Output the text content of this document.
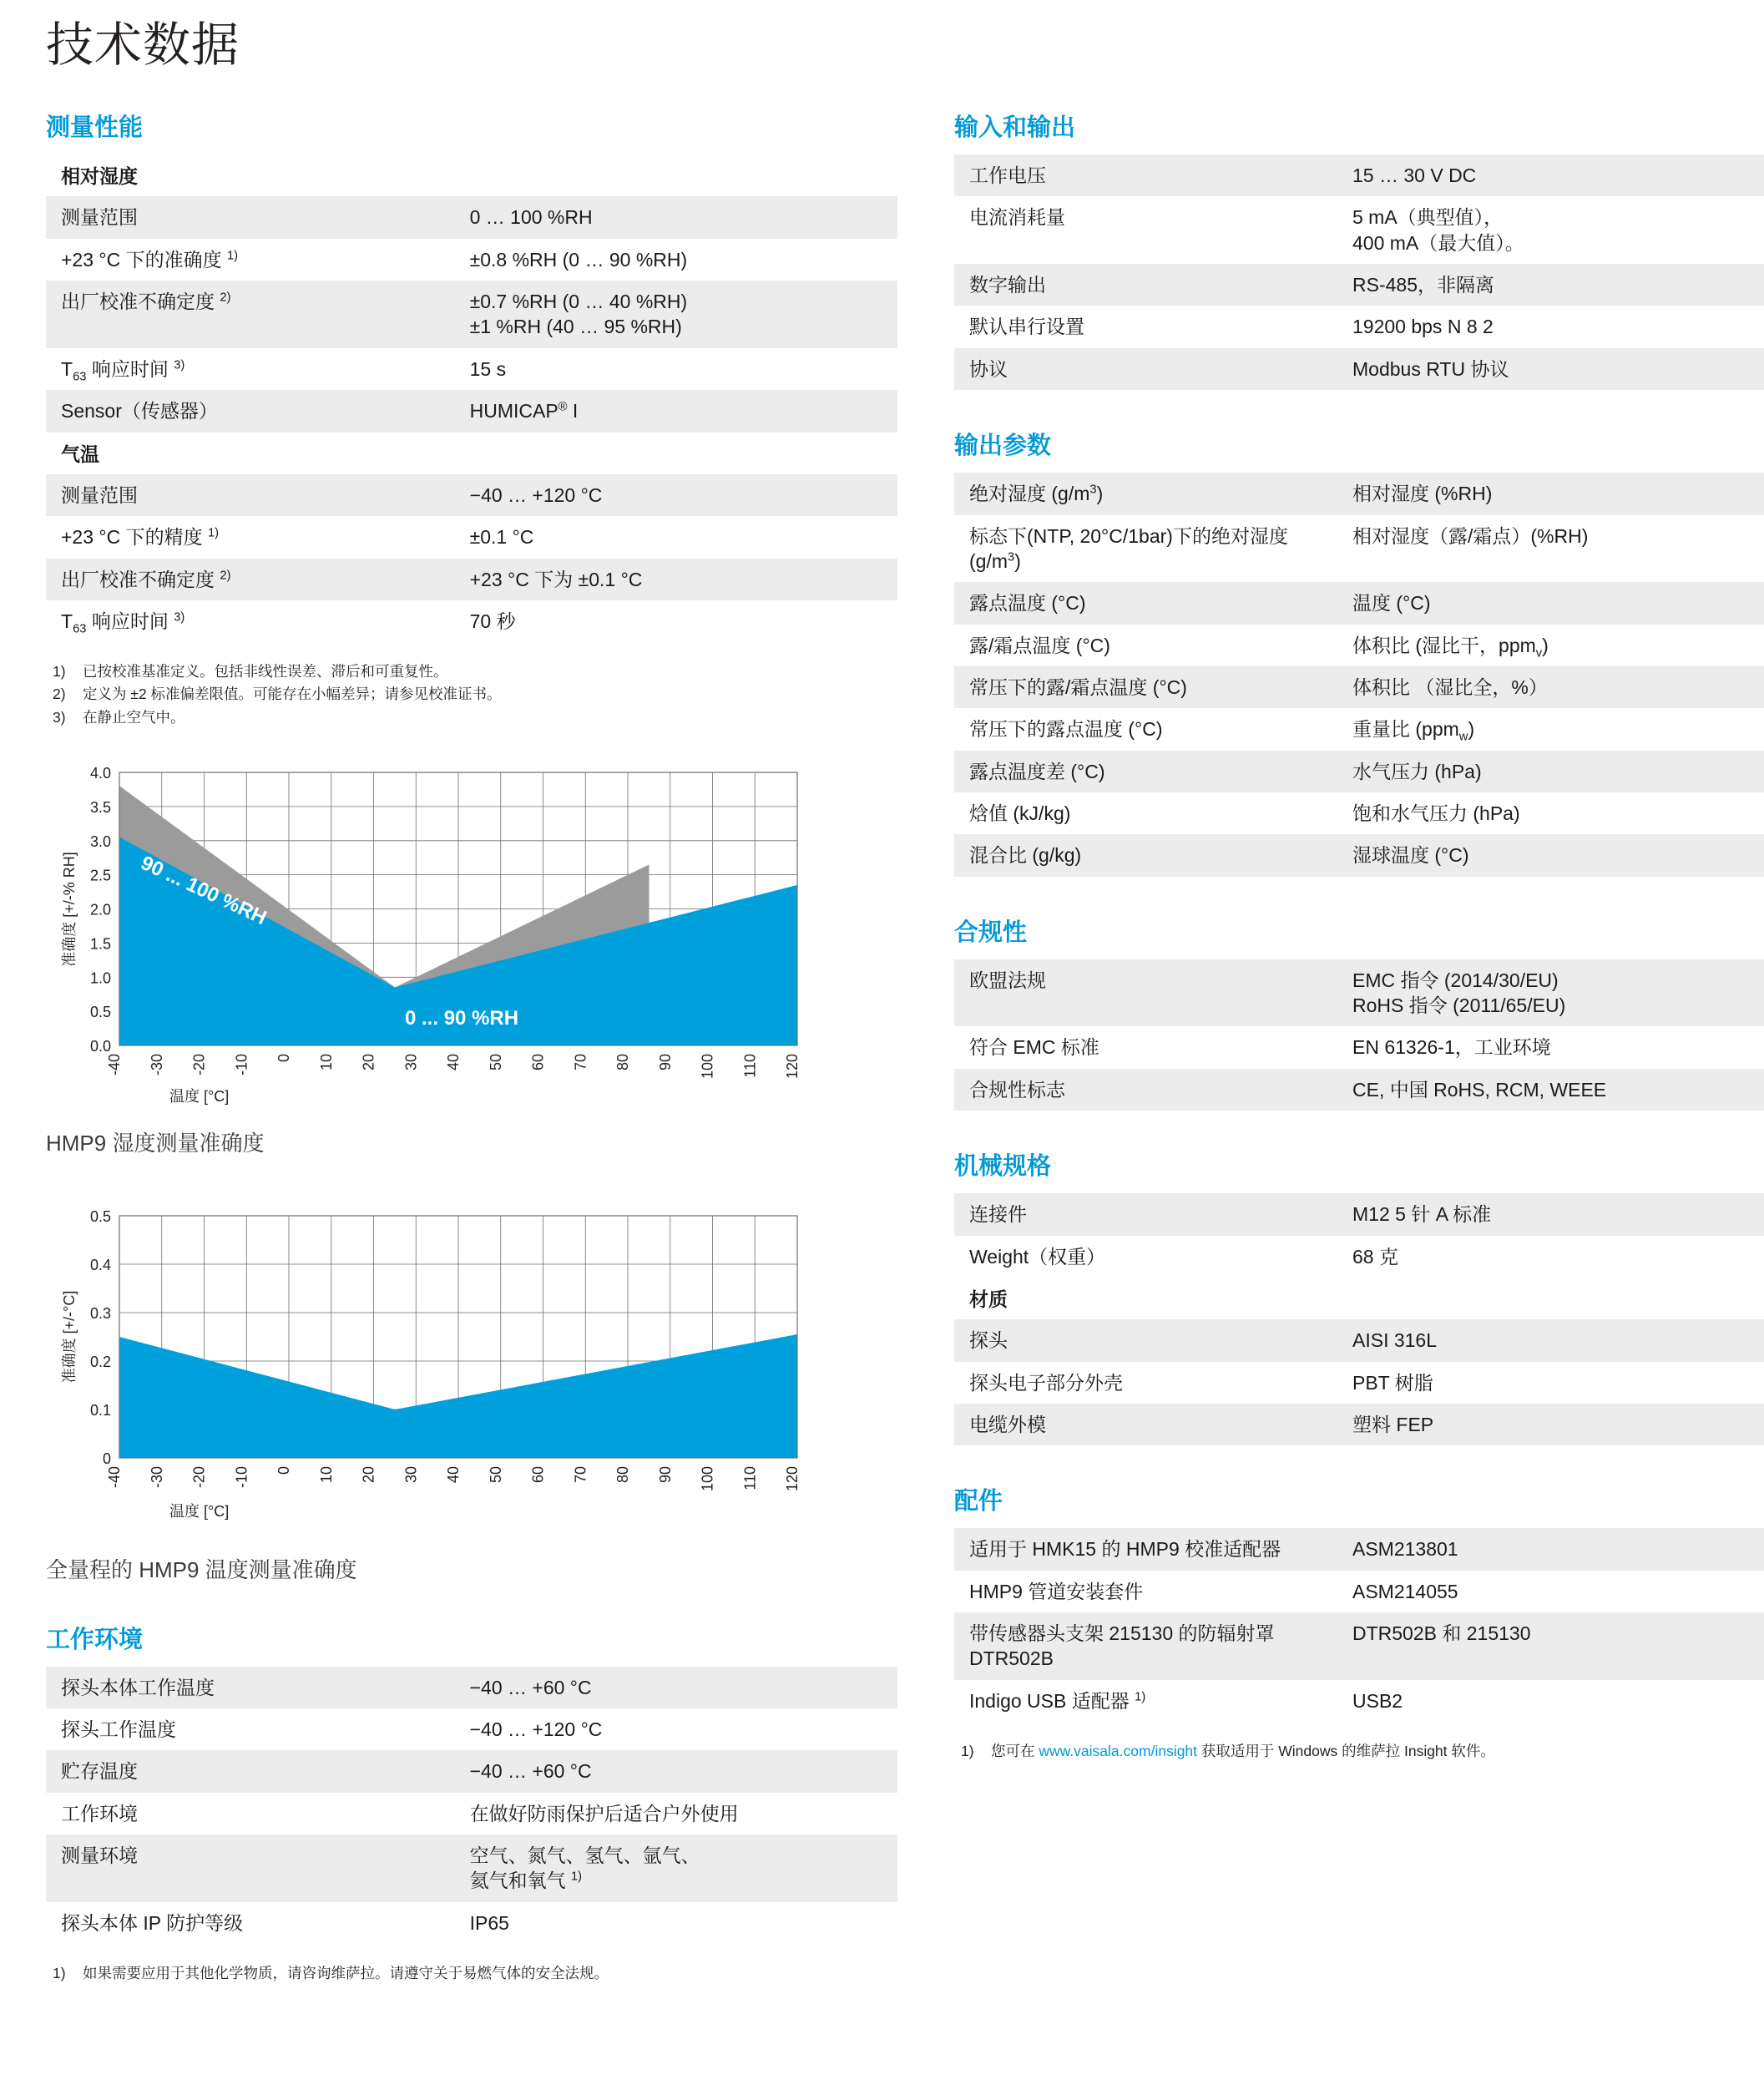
技术数据
测量性能
相对湿度	
测量范围	0 … 100 %RH
+23 °C 下的准确度 $^{1)}$	±0.8 %RH (0 … 90 %RH)
出厂校准不确定度 $^{2)}$	±0.7 %RH (0 … 40 %RH)
±1 %RH (40 … 95 %RH)
$T_{63}$ 响应时间 $^{3)}$	15 s
Sensor（传感器）	HUMICAP® I
气温	
测量范围	−40 … +120 °C
+23 °C 下的精度 $^{1)}$	±0.1 °C
出厂校准不确定度 $^{2)}$	+23 °C 下为 ±0.1 °C
$T_{63}$ 响应时间 $^{3)}$	70 秒
1)	已按校准基准定义。包括非线性误差、滞后和可重复性。
2)	定义为 ±2 标准偏差限值。可能存在小幅差异；请参见校准证书。
3)	在静止空气中。
90 ... 100 %RH
0 ... 90 %RH
4.0
3.5
3.0
2.5
2.0
1.5
1.0
0.5
0.0
准确度 [+/-% RH]
-40 -30 -20 -10 0 10 20 30 40 50 60 70 80 90 100 110 120
温度 [°C]
HMP9 湿度测量准确度
0.5
0.4
0.3
0.2
0.1
0
准确度 [+/-°C]
-40 -30 -20 -10 0 10 20 30 40 50 60 70 80 90 100 110 120
温度 [°C]
全量程的 HMP9 温度测量准确度
工作环境
探头本体工作温度	−40 … +60 °C
探头工作温度	−40 … +120 °C
贮存温度	−40 … +60 °C
工作环境	在做好防雨保护后适合户外使用
测量环境	空气、氮气、氢气、氩气、
氦气和氧气 $^{1)}$
探头本体 IP 防护等级	IP65
1)	如果需要应用于其他化学物质，请咨询维萨拉。请遵守关于易燃气体的安全法规。
输入和输出
工作电压	15 … 30 V DC
电流消耗量	5 mA（典型值），
400 mA（最大值）。
数字输出	RS-485，非隔离
默认串行设置	19200 bps N 8 2
协议	Modbus RTU 协议
输出参数
绝对湿度 $(g/m^3)$	相对湿度 (%RH)
标态下(NTP, 20°C/1bar)下的绝对湿度 $(g/m^3)$	相对湿度（露/霜点）(%RH)
露点温度 (°C)	温度 (°C)
露/霜点温度 (°C)	体积比 (湿比干，ppm$_v$)
常压下的露/霜点温度 (°C)	体积比 （湿比全，%）
常压下的露点温度 (°C)	重量比 (ppm$_w$)
露点温度差 (°C)	水气压力 (hPa)
焓值 (kJ/kg)	饱和水气压力 (hPa)
混合比 (g/kg)	湿球温度 (°C)
合规性
欧盟法规	EMC 指令 (2014/30/EU)
RoHS 指令 (2011/65/EU)
符合 EMC 标准	EN 61326-1，工业环境
合规性标志	CE, 中国 RoHS, RCM, WEEE
机械规格
连接件	M12 5 针 A 标准
Weight（权重）	68 克
材质	
探头	AISI 316L
探头电子部分外壳	PBT 树脂
电缆外模	塑料 FEP
配件
适用于 HMK15 的 HMP9 校准适配器	ASM213801
HMP9 管道安装套件	ASM214055
带传感器头支架 215130 的防辐射罩 DTR502B	DTR502B 和 215130
Indigo USB 适配器 $^{1)}$	USB2
1)	您可在 www.vaisala.com/insight 获取适用于 Windows 的维萨拉 Insight 软件。
